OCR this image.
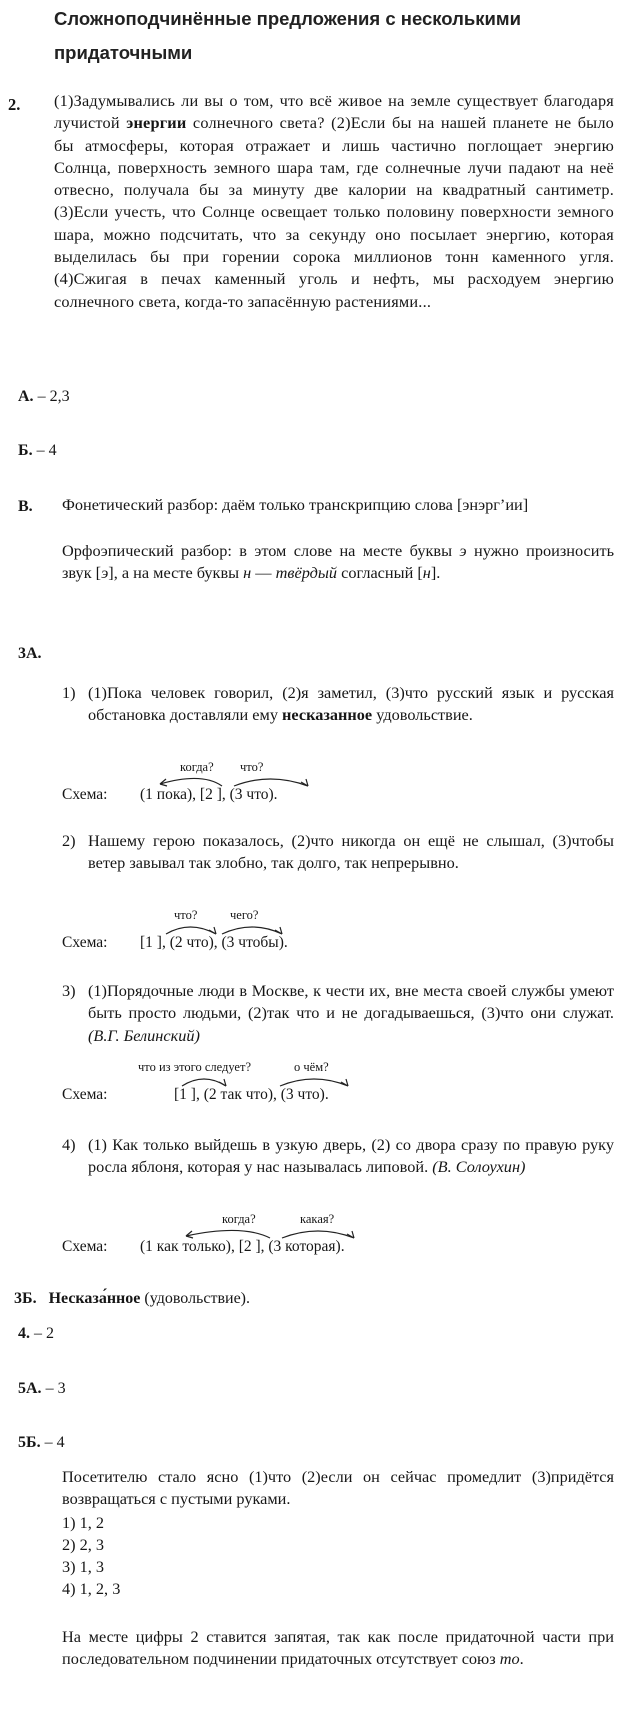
Сложноподчинённые предложения с несколькими придаточными
2. (1)Задумывались ли вы о том, что всё живое на земле существует благодаря лучистой энергии солнечного света? (2)Если бы на нашей планете не было бы атмосферы, которая отражает и лишь частично поглощает энергию Солнца, поверхность земного шара там, где солнечные лучи падают на неё отвесно, получала бы за минуту две калории на квадратный сантиметр. (3)Если учесть, что Солнце освещает только половину поверхности земного шара, можно подсчитать, что за секунду оно посылает энергию, которая выделилась бы при горении сорока миллионов тонн каменного угля. (4)Сжигая в печах каменный уголь и нефть, мы расходуем энергию солнечного света, когда-то запасённую растениями...
А. – 2,3
Б. – 4
В. Фонетический разбор: даём только транскрипцию слова [энэрг’ии]
Орфоэпический разбор: в этом слове на месте буквы э нужно произносить звук [э], а на месте буквы н — твёрдый согласный [н].
3А.
1) (1)Пока человек говорил, (2)я заметил, (3)что русский язык и русская обстановка доставляли ему несказанное удовольствие.
Схема: (1 пока), [2 ], (3 что).
когда? что?
2) Нашему герою показалось, (2)что никогда он ещё не слышал, (3)чтобы ветер завывал так злобно, так долго, так непрерывно.
Схема: [1 ], (2 что), (3 чтобы).
что?	чего?
3) (1)Порядочные люди в Москве, к чести их, вне места своей службы умеют быть просто людьми, (2)так что и не догадываешься, (3)что они служат. (В.Г. Белинский)
Схема:	[1 ], (2 так что), (3 что).
что из этого следует?	о чём?
4) (1) Как только выйдешь в узкую дверь, (2) со двора сразу по правую руку росла яблоня, которая у нас называлась липовой. (В. Солоухин)
Схема: (1 как только), [2 ], (3 которая).
когда?	какая?
3Б. Несказа́нное (удовольствие).
4. – 2
5А. – 3
5Б. – 4
Посетителю стало ясно (1)что (2)если он сейчас промедлит (3)придётся возвращаться с пустыми руками.
1) 1, 2
2) 2, 3
3) 1, 3
4) 1, 2, 3
На месте цифры 2 ставится запятая, так как после придаточной части при последовательном подчинении придаточных отсутствует союз то.
